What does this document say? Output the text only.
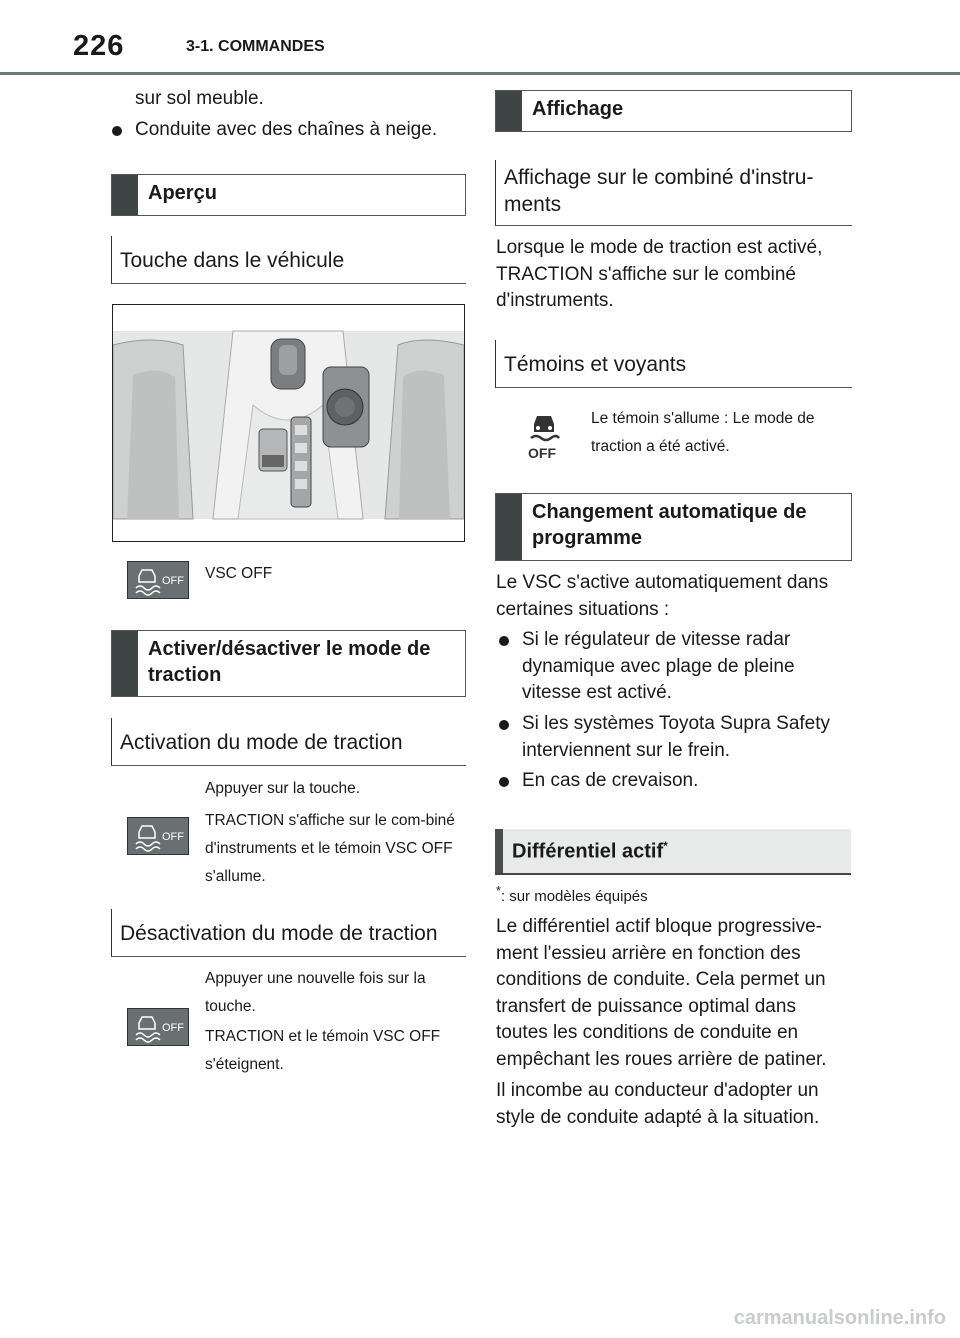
226	3-1. COMMANDES
sur sol meuble.
Conduite avec des chaînes à neige.
Aperçu
Touche dans le véhicule
OFF VSC OFF
Activer/désactiver le mode de traction
Activation du mode de traction
Appuyer sur la touche.
OFF
TRACTION s'affiche sur le com-biné d'instruments et le témoin VSC OFF s'allume.
Désactivation du mode de traction
Appuyer une nouvelle fois sur la touche.
OFF TRACTION et le témoin VSC OFF s'éteignent.
Affichage
Affichage sur le combiné d'instru-ments
Lorsque le mode de traction est activé, TRACTION s'affiche sur le combiné d'instruments.
Témoins et voyants
OFF
Le témoin s'allume : Le mode de traction a été activé.
Changement automatique de programme
Le VSC s'active automatiquement dans certaines situations :
Si le régulateur de vitesse radar dynamique avec plage de pleine vitesse est activé.
Si les systèmes Toyota Supra Safety interviennent sur le frein.
En cas de crevaison.
Différentiel actif*
*: sur modèles équipés
Le différentiel actif bloque progressive-ment l'essieu arrière en fonction des conditions de conduite. Cela permet un transfert de puissance optimal dans toutes les conditions de conduite en empêchant les roues arrière de patiner.
Il incombe au conducteur d'adopter un style de conduite adapté à la situation.
carmanualsonline.info
